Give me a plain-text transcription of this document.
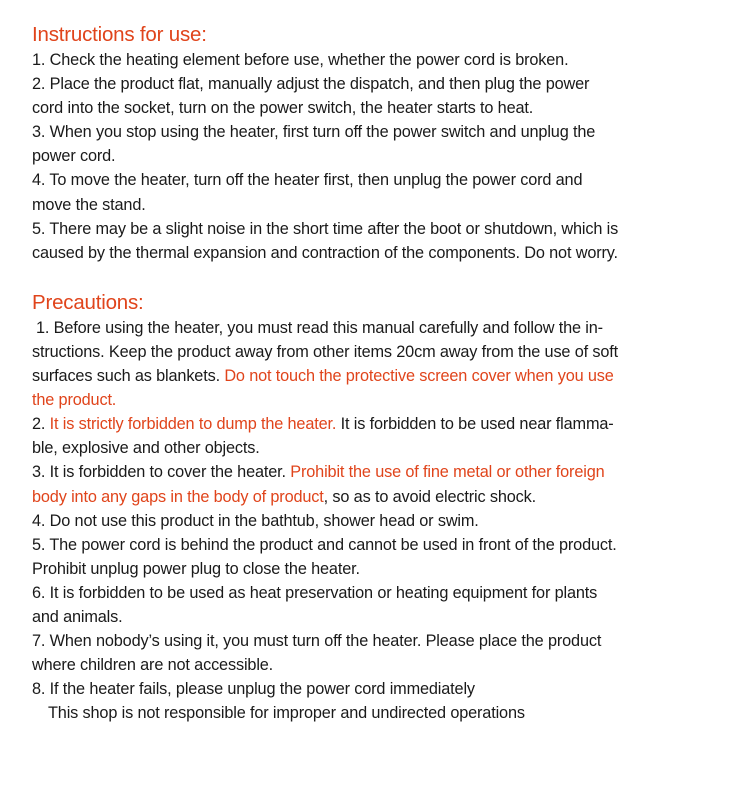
Instructions for use:

1. Check the heating element before use, whether the power cord is broken.

2. Place the product flat, manually adjust the dispatch, and then plug the power

cord into the socket, turn on the power switch, the heater starts to heat.

3. When you stop using the heater, first turn off the power switch and unplug the

power cord.

4. To move the heater, turn off the heater first, then unplug the power cord and

move the stand.

5. There may be a slight noise in the short time after the boot or shutdown, which is

caused by the thermal expansion and contraction of the components. Do not worry.

Precautions:

1. Before using the heater, you must read this manual carefully and follow the in-

structions. Keep the product away from other items 20cm away from the use of soft

surfaces such as blankets. Do not touch the protective screen cover when you use

the product.

2. It is strictly forbidden to dump the heater. It is forbidden to be used near flamma-

ble, explosive and other objects.

3. It is forbidden to cover the heater. Prohibit the use of fine metal or other foreign

body into any gaps in the body of product, so as to avoid electric shock.

4. Do not use this product in the bathtub, shower head or swim.

5. The power cord is behind the product and cannot be used in front of the product.

Prohibit unplug power plug to close the heater.

6. It is forbidden to be used as heat preservation or heating equipment for plants

and animals.

7. When nobody’s using it, you must turn off the heater. Please place the product

where children are not accessible.

8. If the heater fails, please unplug the power cord immediately

This shop is not responsible for improper and undirected operations
